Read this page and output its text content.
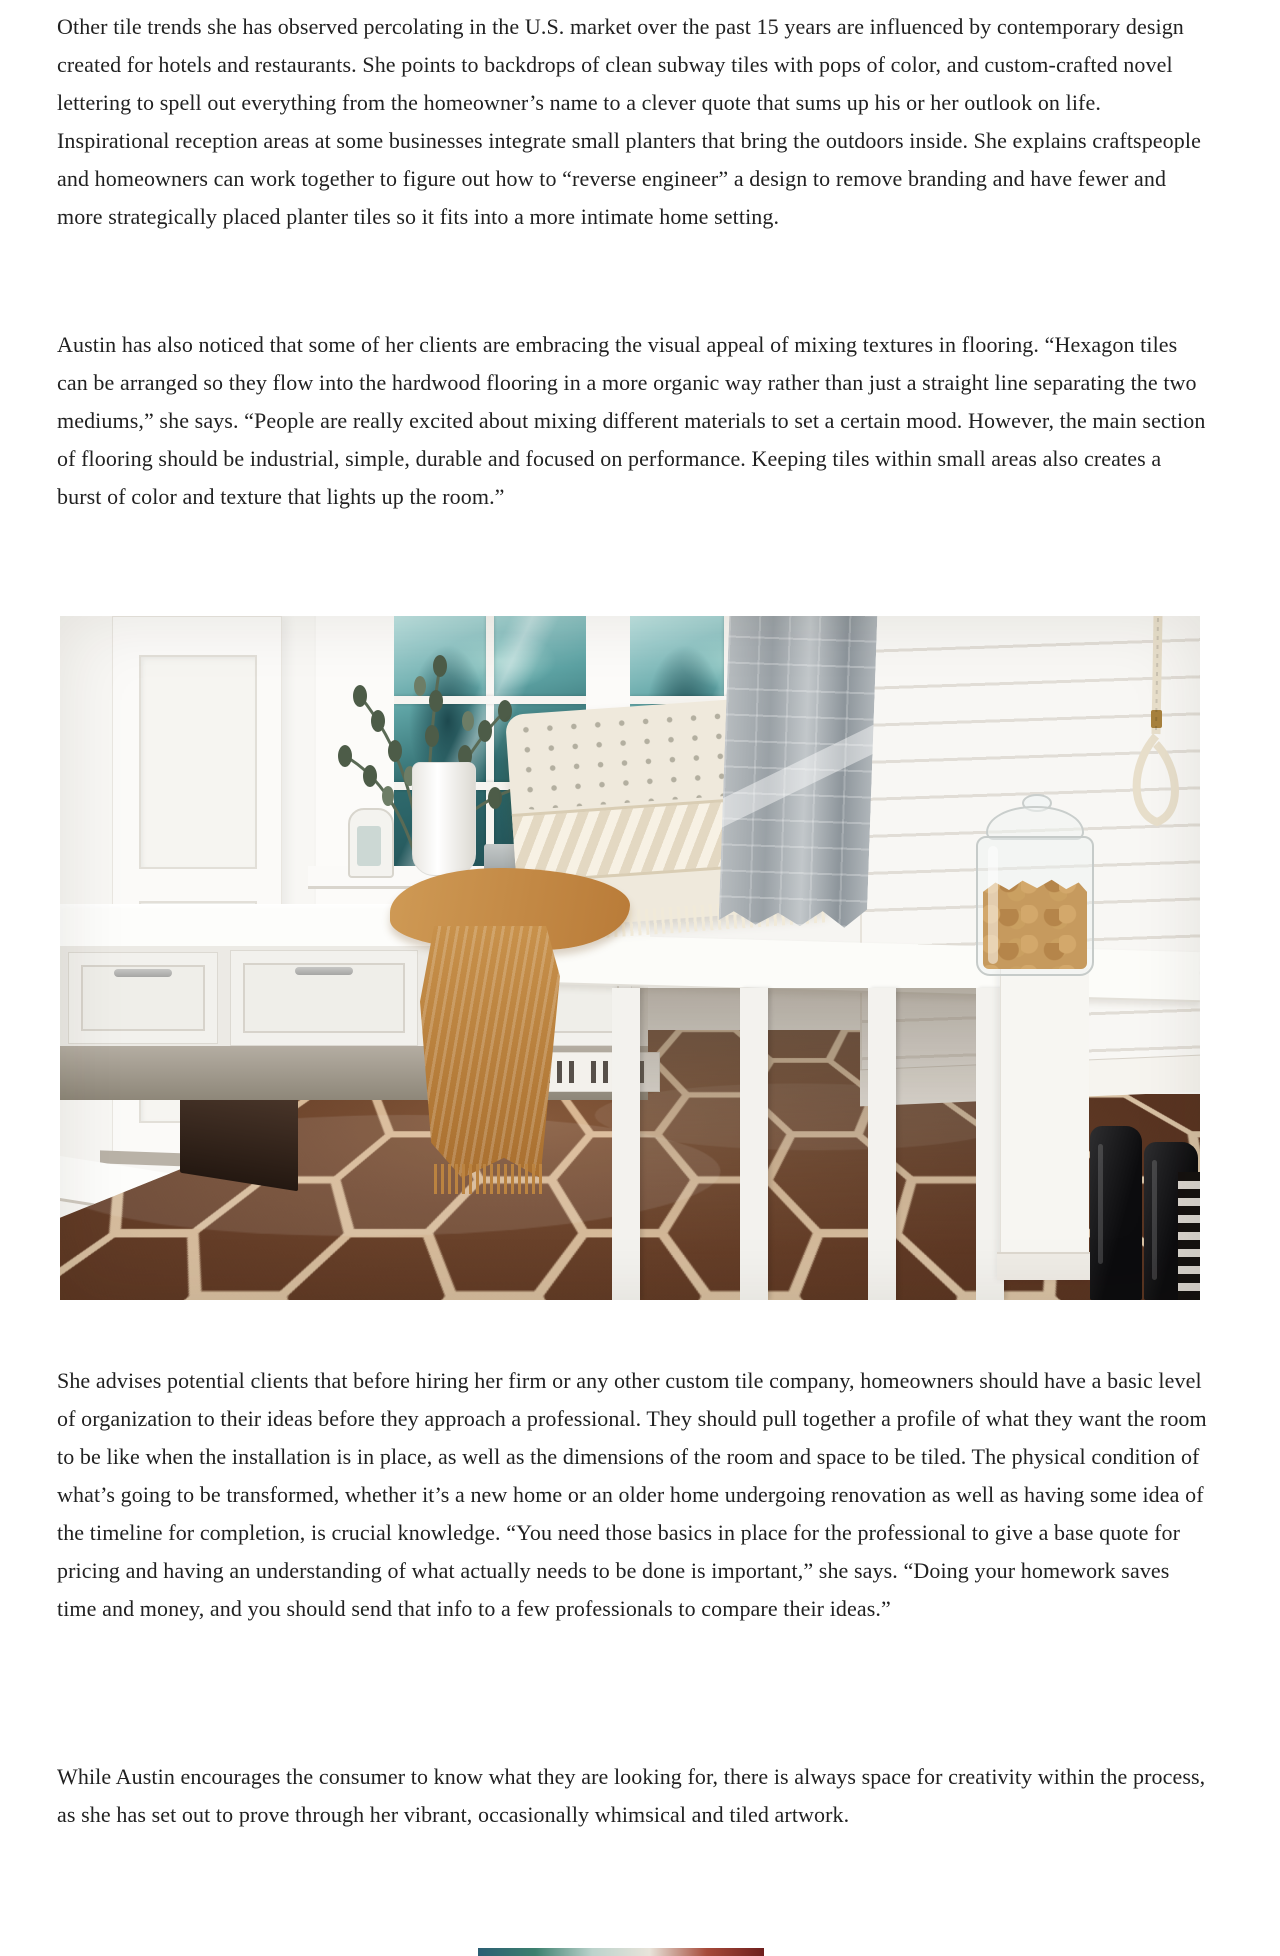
Other tile trends she has observed percolating in the U.S. market over the past 15 years are influenced by contemporary design created for hotels and restaurants. She points to backdrops of clean subway tiles with pops of color, and custom-crafted novel lettering to spell out everything from the homeowner’s name to a clever quote that sums up his or her outlook on life. Inspirational reception areas at some businesses integrate small planters that bring the outdoors inside. She explains craftspeople and homeowners can work together to figure out how to “reverse engineer” a design to remove branding and have fewer and more strategically placed planter tiles so it fits into a more intimate home setting.

Austin has also noticed that some of her clients are embracing the visual appeal of mixing textures in flooring. “Hexagon tiles can be arranged so they flow into the hardwood flooring in a more organic way rather than just a straight line separating the two mediums,” she says. “People are really excited about mixing different materials to set a certain mood. However, the main section of flooring should be industrial, simple, durable and focused on performance. Keeping tiles within small areas also creates a burst of color and texture that lights up the room.”

She advises potential clients that before hiring her firm or any other custom tile company, homeowners should have a basic level of organization to their ideas before they approach a professional. They should pull together a profile of what they want the room to be like when the installation is in place, as well as the dimensions of the room and space to be tiled. The physical condition of what’s going to be transformed, whether it’s a new home or an older home undergoing renovation as well as having some idea of the timeline for completion, is crucial knowledge. “You need those basics in place for the professional to give a base quote for pricing and having an understanding of what actually needs to be done is important,” she says. “Doing your homework saves time and money, and you should send that info to a few professionals to compare their ideas.”

While Austin encourages the consumer to know what they are looking for, there is always space for creativity within the process, as she has set out to prove through her vibrant, occasionally whimsical and tiled artwork.
